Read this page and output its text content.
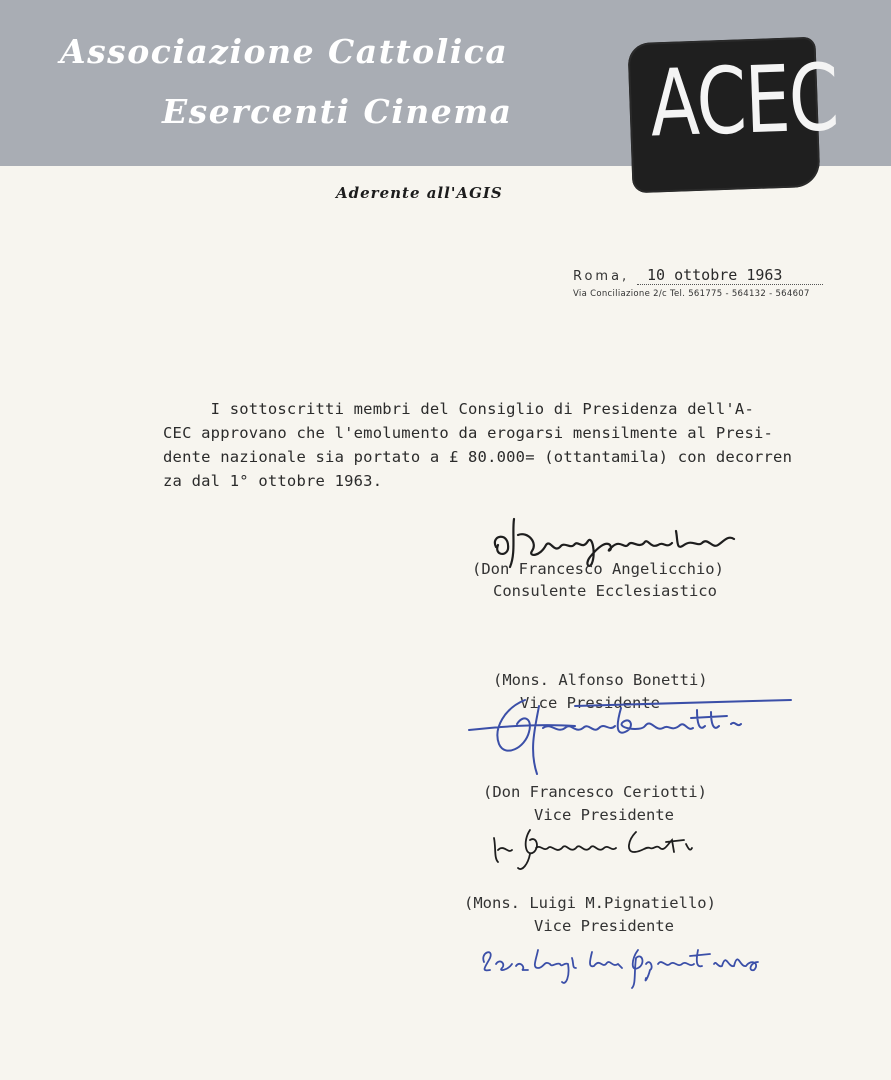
Associazione Cattolica
Esercenti Cinema ACEC
Aderente all'AGIS
Roma, 10 ottobre 1963
Via Conciliazione 2/c Tel. 561775 - 564132 - 564607
I sottoscritti membri del Consiglio di Presidenza dell'A-
CEC approvano che l'emolumento da erogarsi mensilmente al Presi-
dente nazionale sia portato a £ 80.000= (ottantamila) con decorren
za dal 1° ottobre 1963.
(Don Francesco Angelicchio)
Consulente Ecclesiastico
(Mons. Alfonso Bonetti)
Vice Presidente
(Don Francesco Ceriotti)
Vice Presidente
(Mons. Luigi M.Pignatiello)
Vice Presidente
